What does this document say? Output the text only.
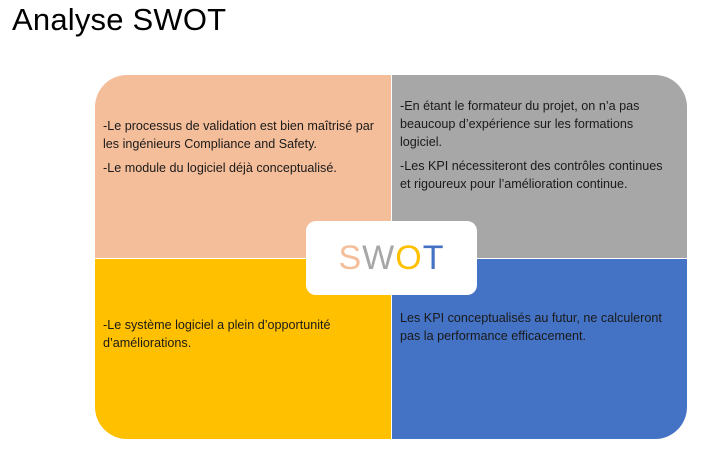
Analyse SWOT

-Le processus de validation est bien maîtrisé par les ingénieurs Compliance and Safety.

-Le module du logiciel déjà conceptualisé.

-En étant le formateur du projet, on n’a pas beaucoup d’expérience sur les formations logiciel.

-Les KPI nécessiteront des contrôles continues et rigoureux pour l’amélioration continue.

-Le système logiciel a plein d’opportunité d’améliorations.

Les KPI conceptualisés au futur, ne calculeront pas la performance efficacement.

S W O T
